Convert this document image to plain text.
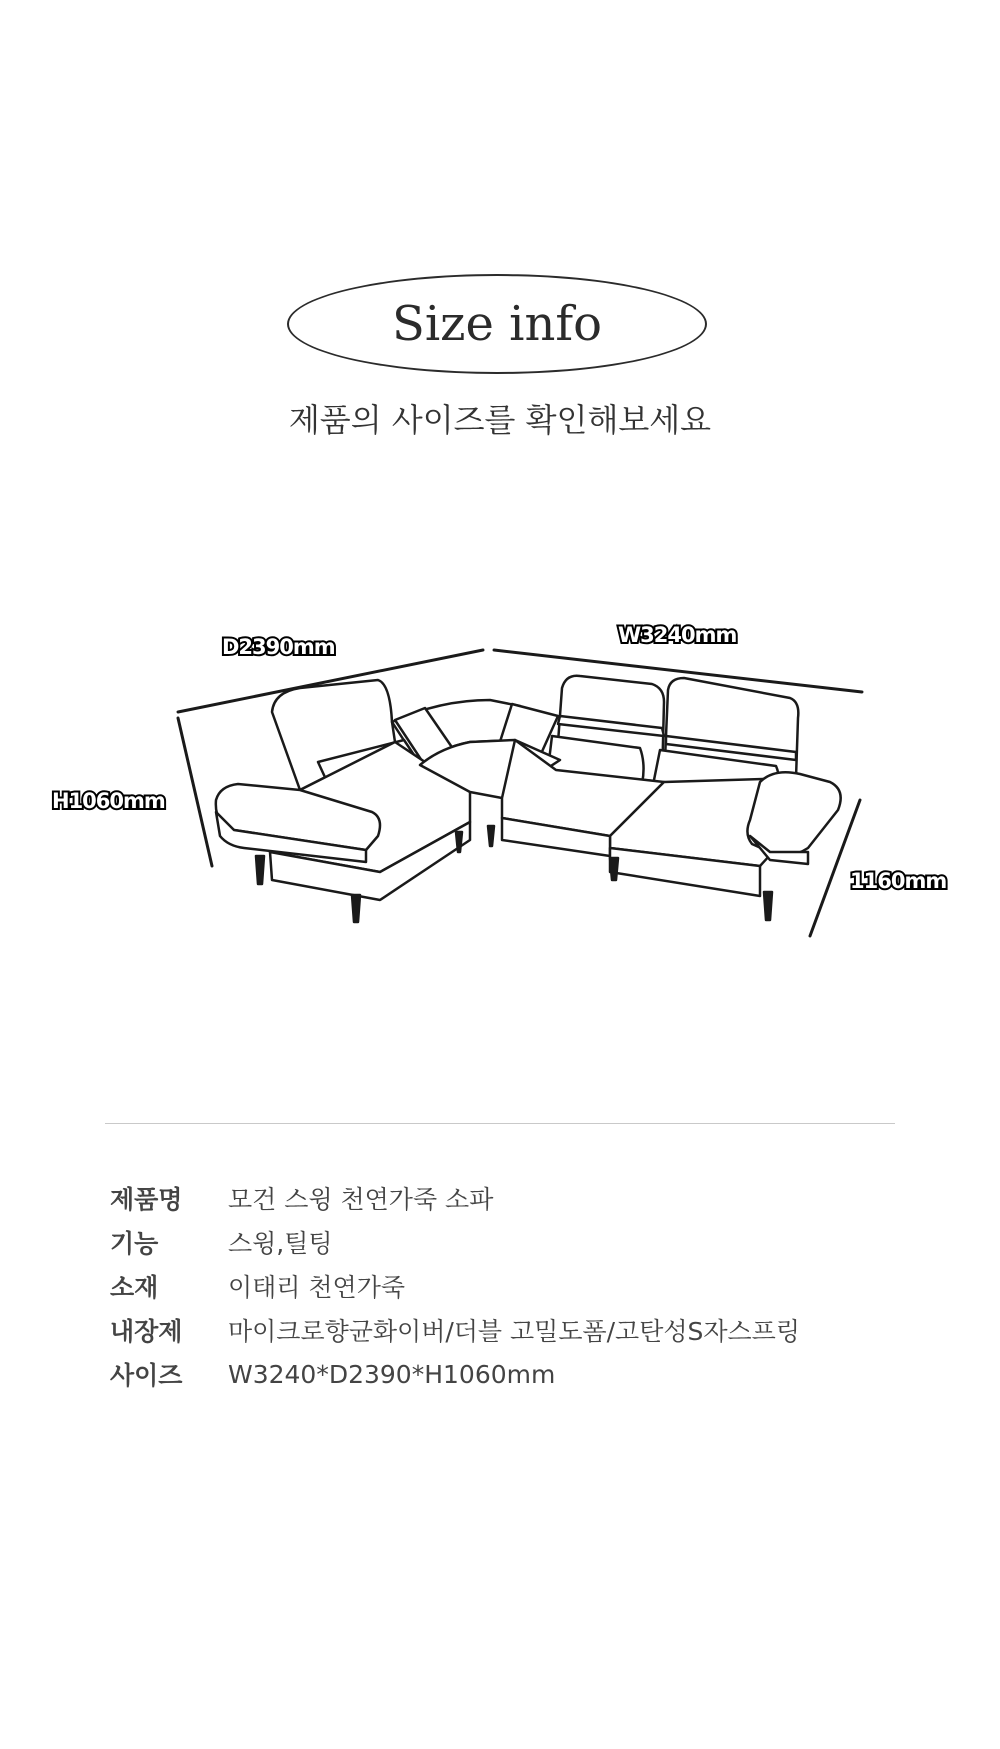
Size info
제품의 사이즈를 확인해보세요
D2390mm	W3240mm
H1060mm
1160mm
제품명	모건 스윙 천연가죽 소파
기능	스윙,틸팅
소재	이태리 천연가죽
내장제	마이크로향균화이버/더블 고밀도폼/고탄성S자스프링
사이즈	W3240*D2390*H1060mm
